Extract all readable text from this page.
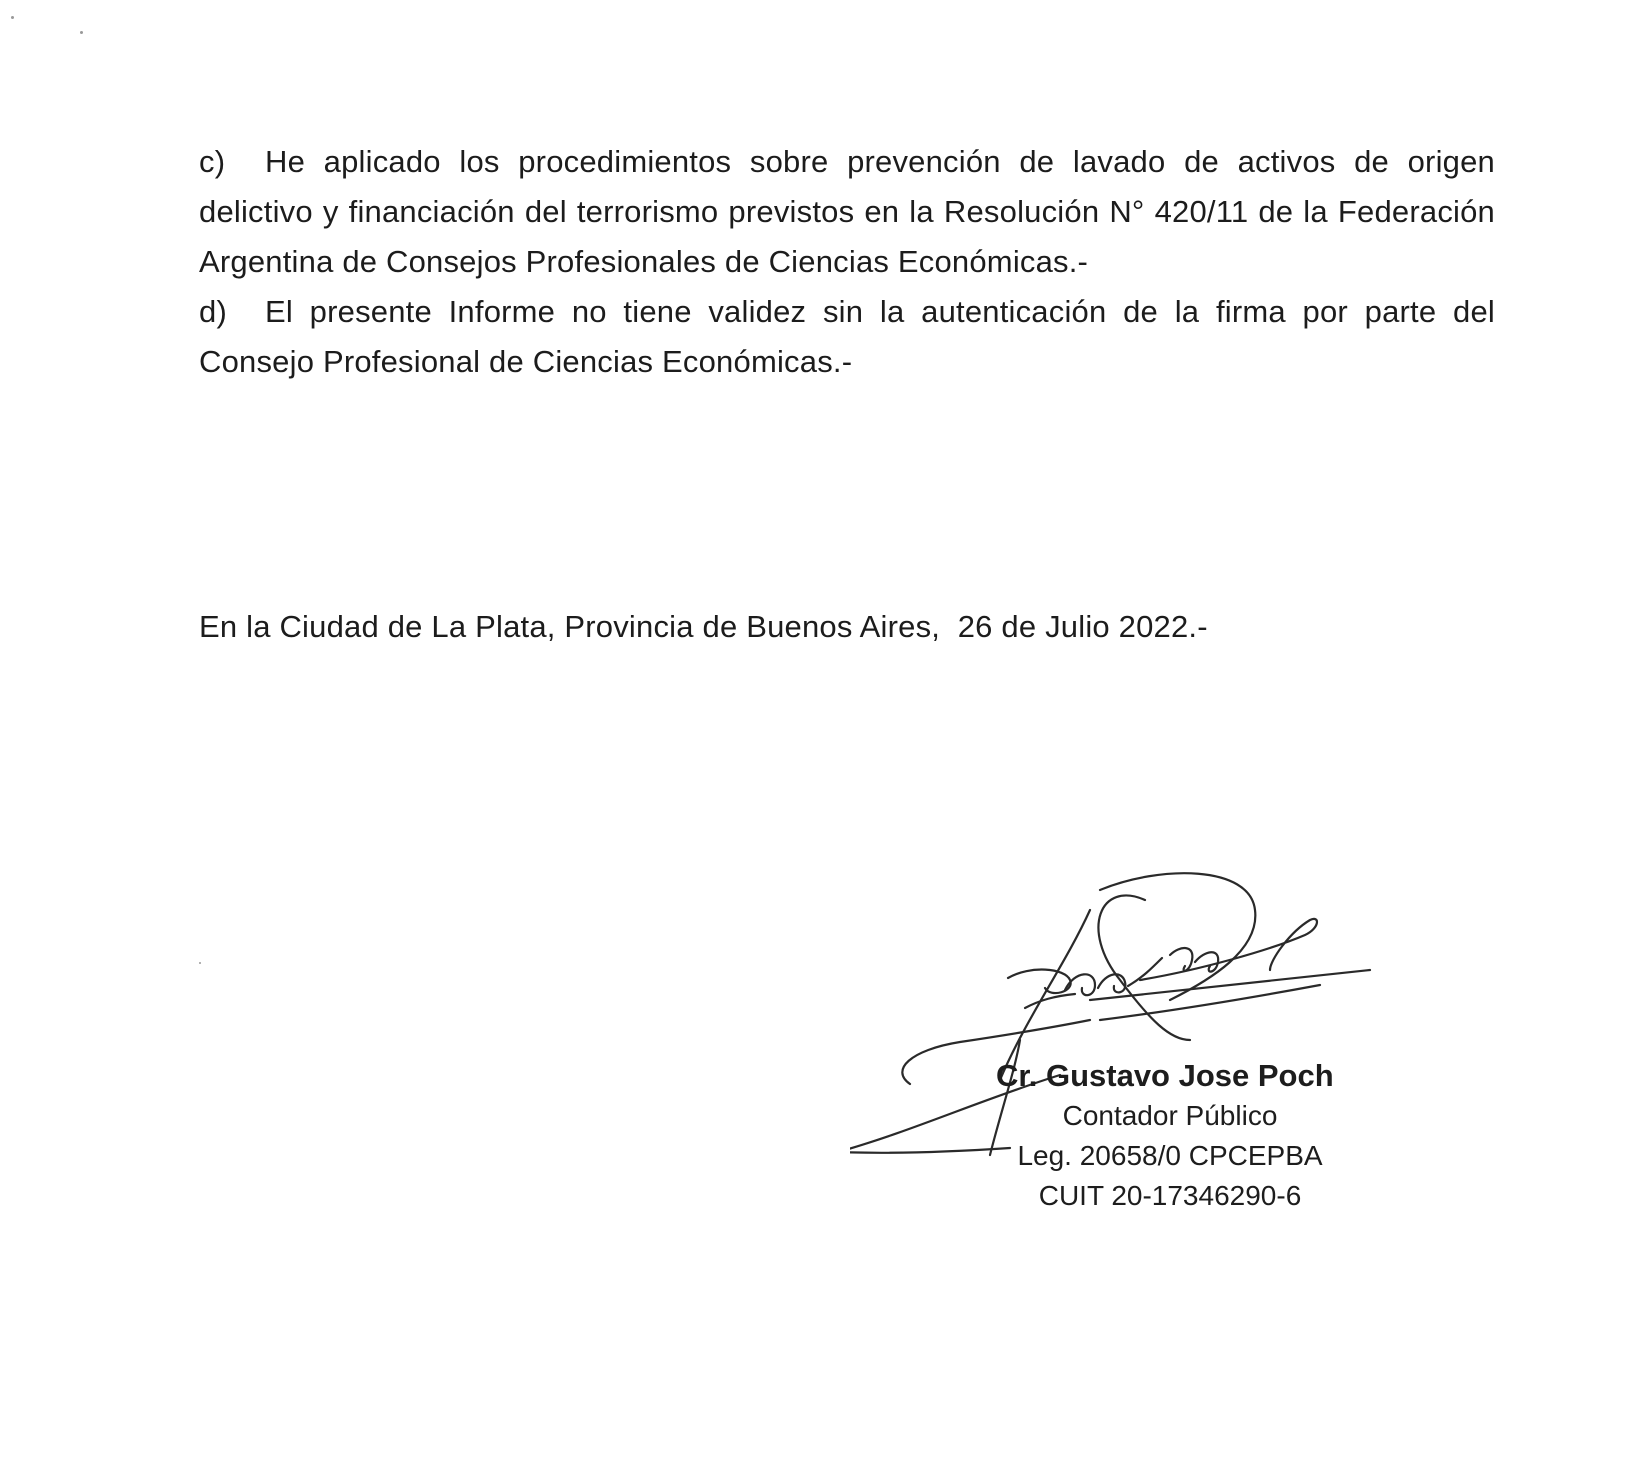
c) He aplicado los procedimientos sobre prevención de lavado de activos de origen delictivo y financiación del terrorismo previstos en la Resolución N° 420/11 de la Federación Argentina de Consejos Profesionales de Ciencias Económicas.-

d) El presente Informe no tiene validez sin la autenticación de la firma por parte del Consejo Profesional de Ciencias Económicas.-

En la Ciudad de La Plata, Provincia de Buenos Aires,  26 de Julio 2022.-
Cr. Gustavo Jose Poch
Contador Público
Leg. 20658/0 CPCEPBA
CUIT 20-17346290-6
